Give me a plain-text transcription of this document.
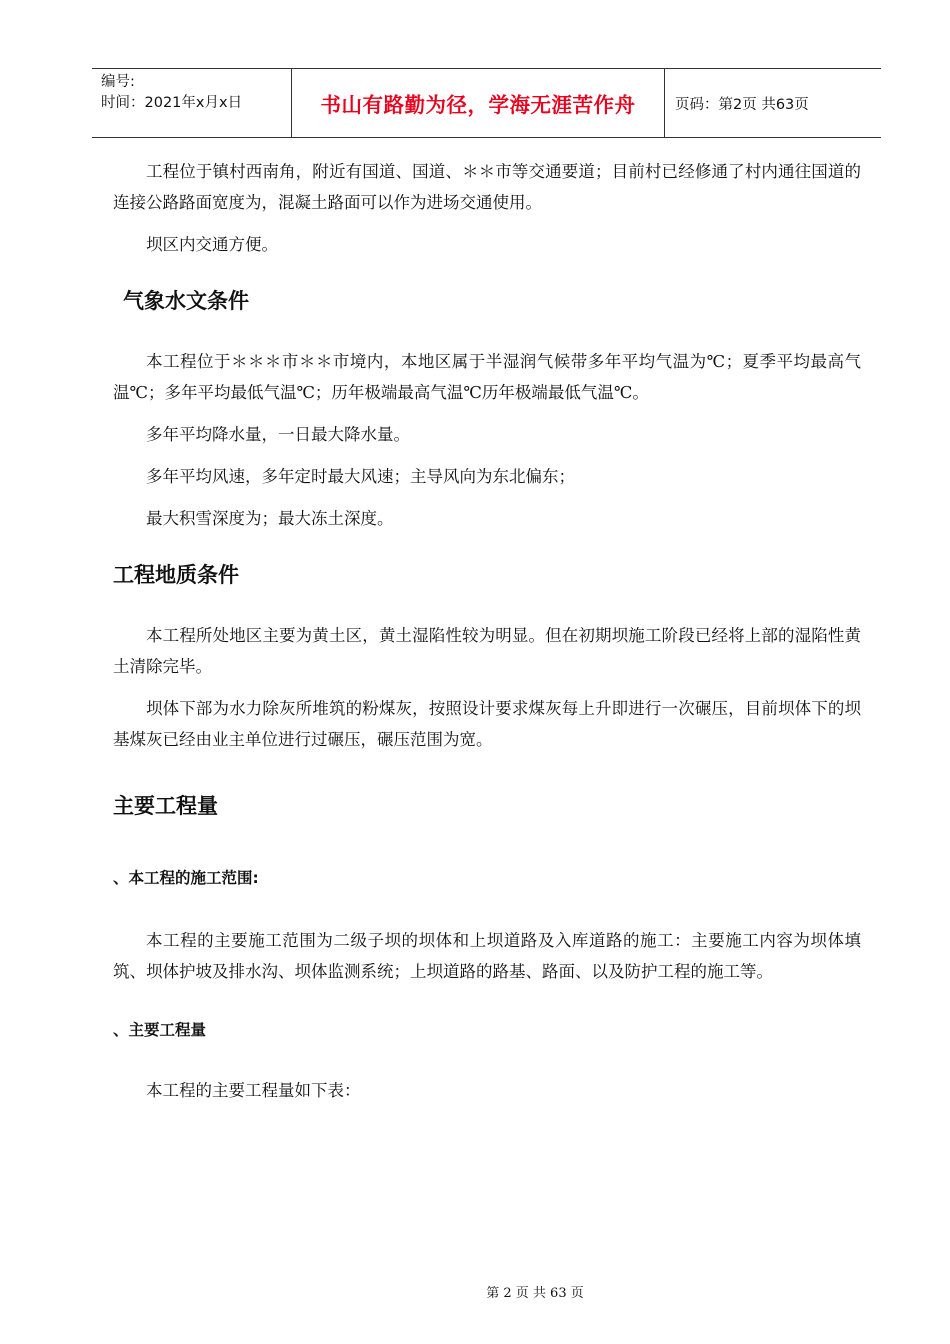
编号:
时间：2021年x月x日	书山有路勤为径，学海无涯苦作舟	页码：第2页 共63页

工程位于镇村西南角，附近有国道、国道、＊＊市等交通要道；目前村已经修通了村内通往国道的连接公路路面宽度为，混凝土路面可以作为进场交通使用。

坝区内交通方便。

气象水文条件

本工程位于＊＊＊市＊＊市境内，本地区属于半湿润气候带多年平均气温为℃；夏季平均最高气温℃；多年平均最低气温℃；历年极端最高气温℃历年极端最低气温℃。

多年平均降水量，一日最大降水量。

多年平均风速，多年定时最大风速；主导风向为东北偏东；

最大积雪深度为；最大冻土深度。

工程地质条件

本工程所处地区主要为黄土区，黄土湿陷性较为明显。但在初期坝施工阶段已经将上部的湿陷性黄土清除完毕。

坝体下部为水力除灰所堆筑的粉煤灰，按照设计要求煤灰每上升即进行一次碾压，目前坝体下的坝基煤灰已经由业主单位进行过碾压，碾压范围为宽。

主要工程量
、本工程的施工范围:

本工程的主要施工范围为二级子坝的坝体和上坝道路及入库道路的施工：主要施工内容为坝体填筑、坝体护坡及排水沟、坝体监测系统；上坝道路的路基、路面、以及防护工程的施工等。

、主要工程量

本工程的主要工程量如下表：

第 2 页 共 63 页
